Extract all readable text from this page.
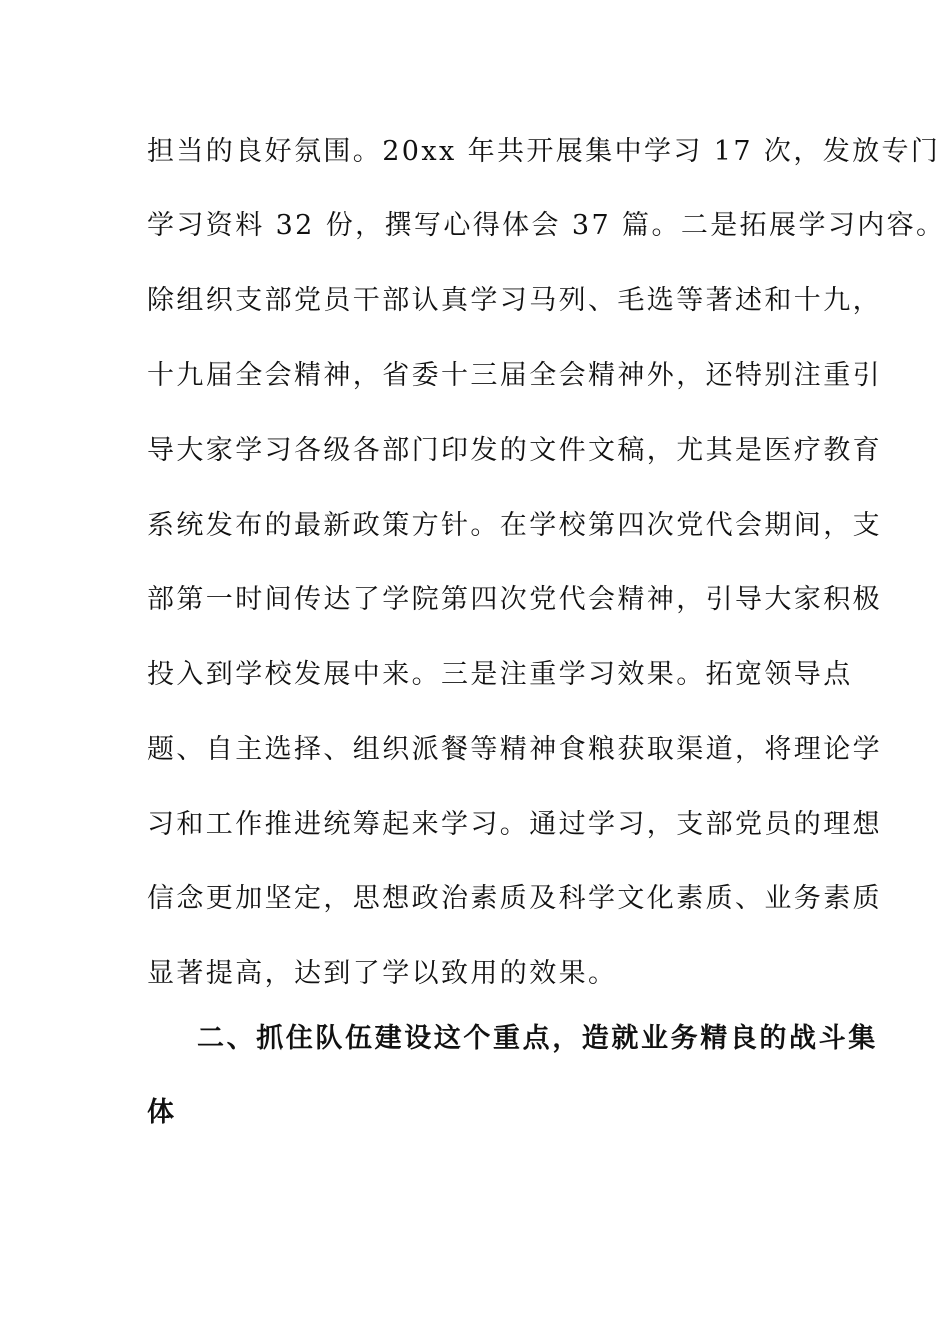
担当的良好氛围。20xx 年共开展集中学习 17 次，发放专门
学习资料 32 份，撰写心得体会 37 篇。二是拓展学习内容。
除组织支部党员干部认真学习马列、毛选等著述和十九，
十九届全会精神，省委十三届全会精神外，还特别注重引
导大家学习各级各部门印发的文件文稿，尤其是医疗教育
系统发布的最新政策方针。在学校第四次党代会期间，支
部第一时间传达了学院第四次党代会精神，引导大家积极
投入到学校发展中来。三是注重学习效果。拓宽领导点
题、自主选择、组织派餐等精神食粮获取渠道，将理论学
习和工作推进统筹起来学习。通过学习，支部党员的理想
信念更加坚定，思想政治素质及科学文化素质、业务素质
显著提高，达到了学以致用的效果。
二、抓住队伍建设这个重点，造就业务精良的战斗集
体
